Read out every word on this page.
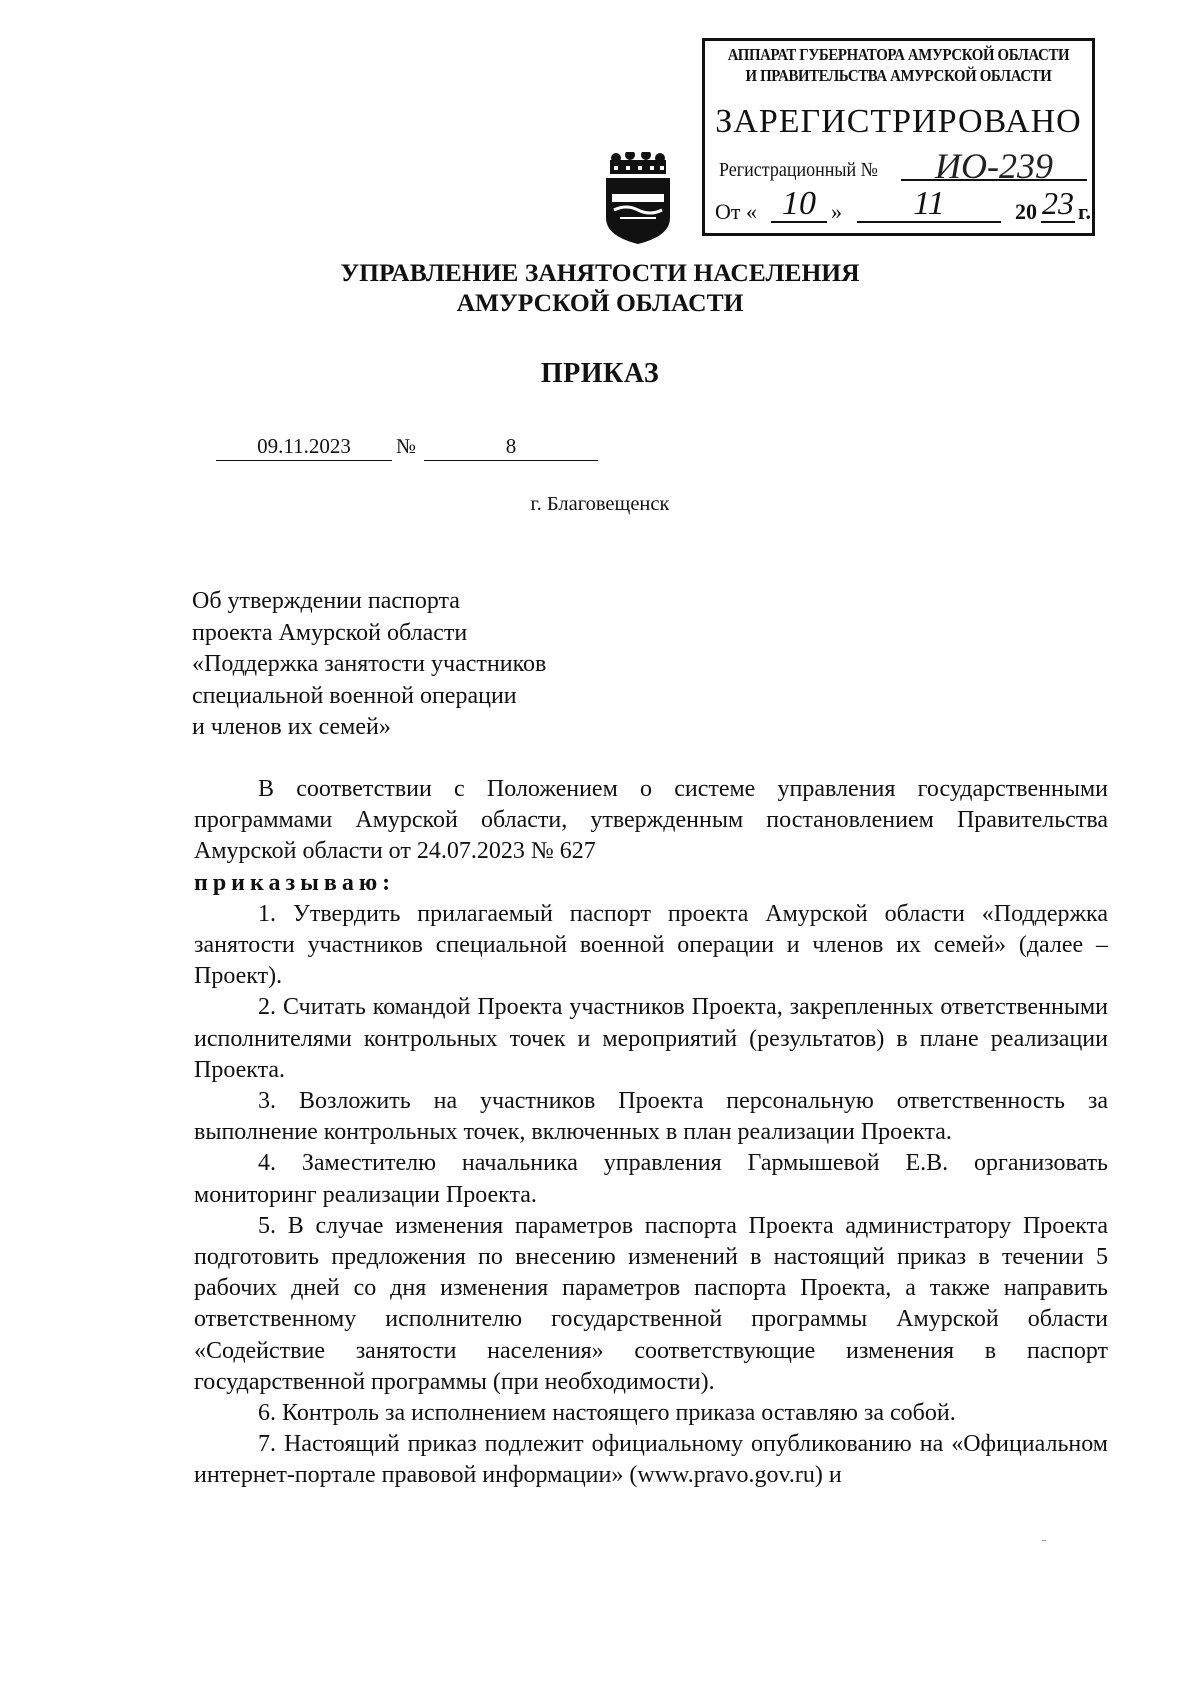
АППАРАТ ГУБЕРНАТОРА АМУРСКОЙ ОБЛАСТИ
И ПРАВИТЕЛЬСТВА АМУРСКОЙ ОБЛАСТИ
ЗАРЕГИСТРИРОВАНО
Регистрационный №	ИО-239
От « 10 »	11	20 23 г.
УПРАВЛЕНИЕ ЗАНЯТОСТИ НАСЕЛЕНИЯ
АМУРСКОЙ ОБЛАСТИ
ПРИКАЗ
09.11.2023	№	8
г. Благовещенск
Об утверждении паспорта
проекта Амурской области
«Поддержка занятости участников
специальной военной операции
и членов их семей»

В соответствии с Положением о системе управления государственными программами Амурской области, утвержденным постановлением Правительства Амурской области от 24.07.2023 № 627

приказываю:

1. Утвердить прилагаемый паспорт проекта Амурской области «Поддержка занятости участников специальной военной операции и членов их семей» (далее – Проект).

2. Считать командой Проекта участников Проекта, закрепленных ответственными исполнителями контрольных точек и мероприятий (результатов) в плане реализации Проекта.

3. Возложить на участников Проекта персональную ответственность за выполнение контрольных точек, включенных в план реализации Проекта.

4. Заместителю начальника управления Гармышевой Е.В. организовать мониторинг реализации Проекта.

5. В случае изменения параметров паспорта Проекта администратору Проекта подготовить предложения по внесению изменений в настоящий приказ в течении 5 рабочих дней со дня изменения параметров паспорта Проекта, а также направить ответственному исполнителю государственной программы Амурской области «Содействие занятости населения» соответствующие изменения в паспорт государственной программы (при необходимости).

6. Контроль за исполнением настоящего приказа оставляю за собой.

7. Настоящий приказ подлежит официальному опубликованию на «Официальном интернет-портале правовой информации» (www.pravo.gov.ru) и
